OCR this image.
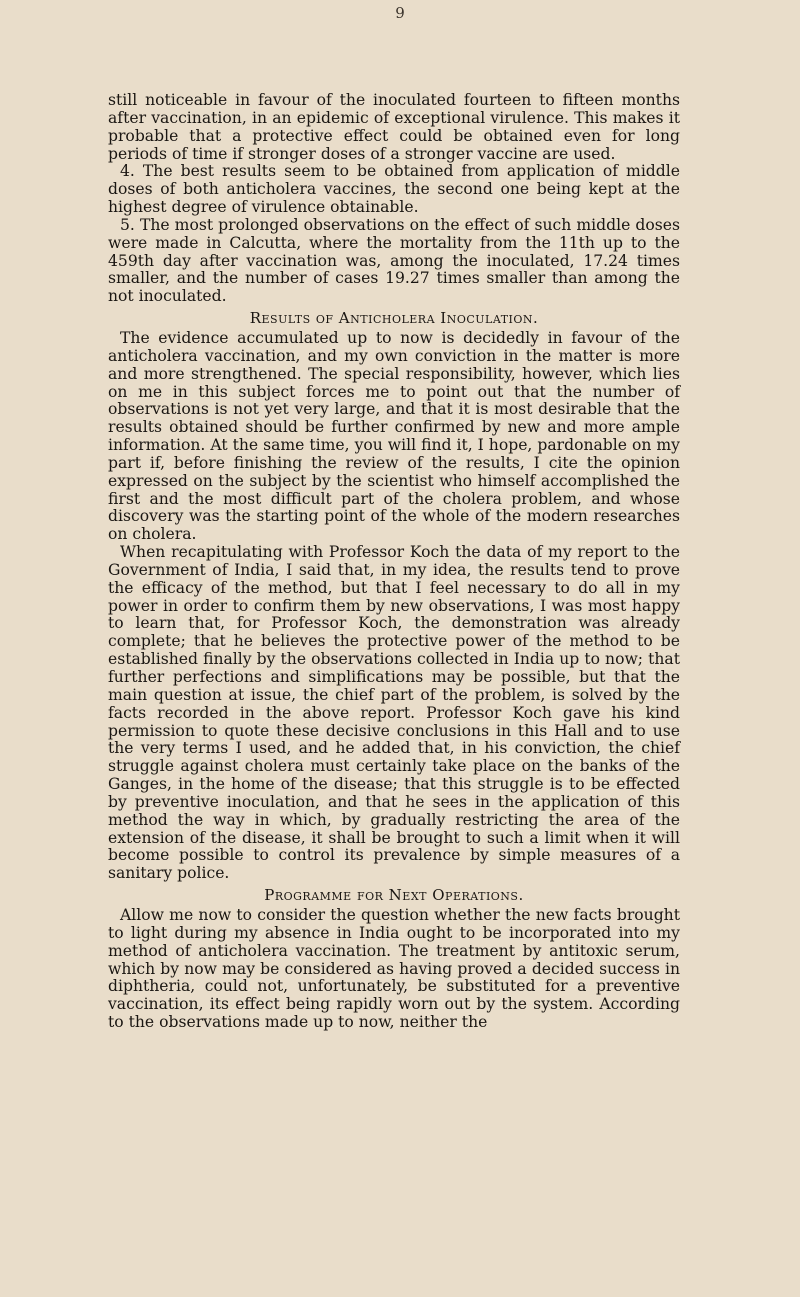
9

still noticeable in favour of the inoculated fourteen to fifteen months after vaccination, in an epidemic of exceptional virulence. This makes it probable that a protective effect could be obtained even for long periods of time if stronger doses of a stronger vaccine are used.

4. The best results seem to be obtained from application of middle doses of both anticholera vaccines, the second one being kept at the highest degree of virulence obtainable.

5. The most prolonged observations on the effect of such middle doses were made in Calcutta, where the mortality from the 11th up to the 459th day after vaccination was, among the inoculated, 17.24 times smaller, and the number of cases 19.27 times smaller than among the not inoculated.

Results of Anticholera Inoculation.

The evidence accumulated up to now is decidedly in favour of the anticholera vaccination, and my own conviction in the matter is more and more strengthened. The special responsibility, however, which lies on me in this subject forces me to point out that the number of observations is not yet very large, and that it is most desirable that the results obtained should be further confirmed by new and more ample information. At the same time, you will find it, I hope, pardonable on my part if, before finishing the review of the results, I cite the opinion expressed on the subject by the scientist who himself accomplished the first and the most difficult part of the cholera problem, and whose discovery was the starting point of the whole of the modern researches on cholera.

When recapitulating with Professor Koch the data of my report to the Government of India, I said that, in my idea, the results tend to prove the efficacy of the method, but that I feel necessary to do all in my power in order to confirm them by new observations, I was most happy to learn that, for Professor Koch, the demonstration was already complete; that he believes the protective power of the method to be established finally by the observations collected in India up to now; that further perfections and simplifications may be possible, but that the main question at issue, the chief part of the problem, is solved by the facts recorded in the above report. Professor Koch gave his kind permission to quote these decisive conclusions in this Hall and to use the very terms I used, and he added that, in his conviction, the chief struggle against cholera must certainly take place on the banks of the Ganges, in the home of the disease; that this struggle is to be effected by preventive inoculation, and that he sees in the application of this method the way in which, by gradually restricting the area of the extension of the disease, it shall be brought to such a limit when it will become possible to control its prevalence by simple measures of a sanitary police.

Programme for Next Operations.

Allow me now to consider the question whether the new facts brought to light during my absence in India ought to be incorporated into my method of anticholera vaccination. The treatment by antitoxic serum, which by now may be considered as having proved a decided success in diphtheria, could not, unfortunately, be substituted for a preventive vaccination, its effect being rapidly worn out by the system. According to the observations made up to now, neither the
